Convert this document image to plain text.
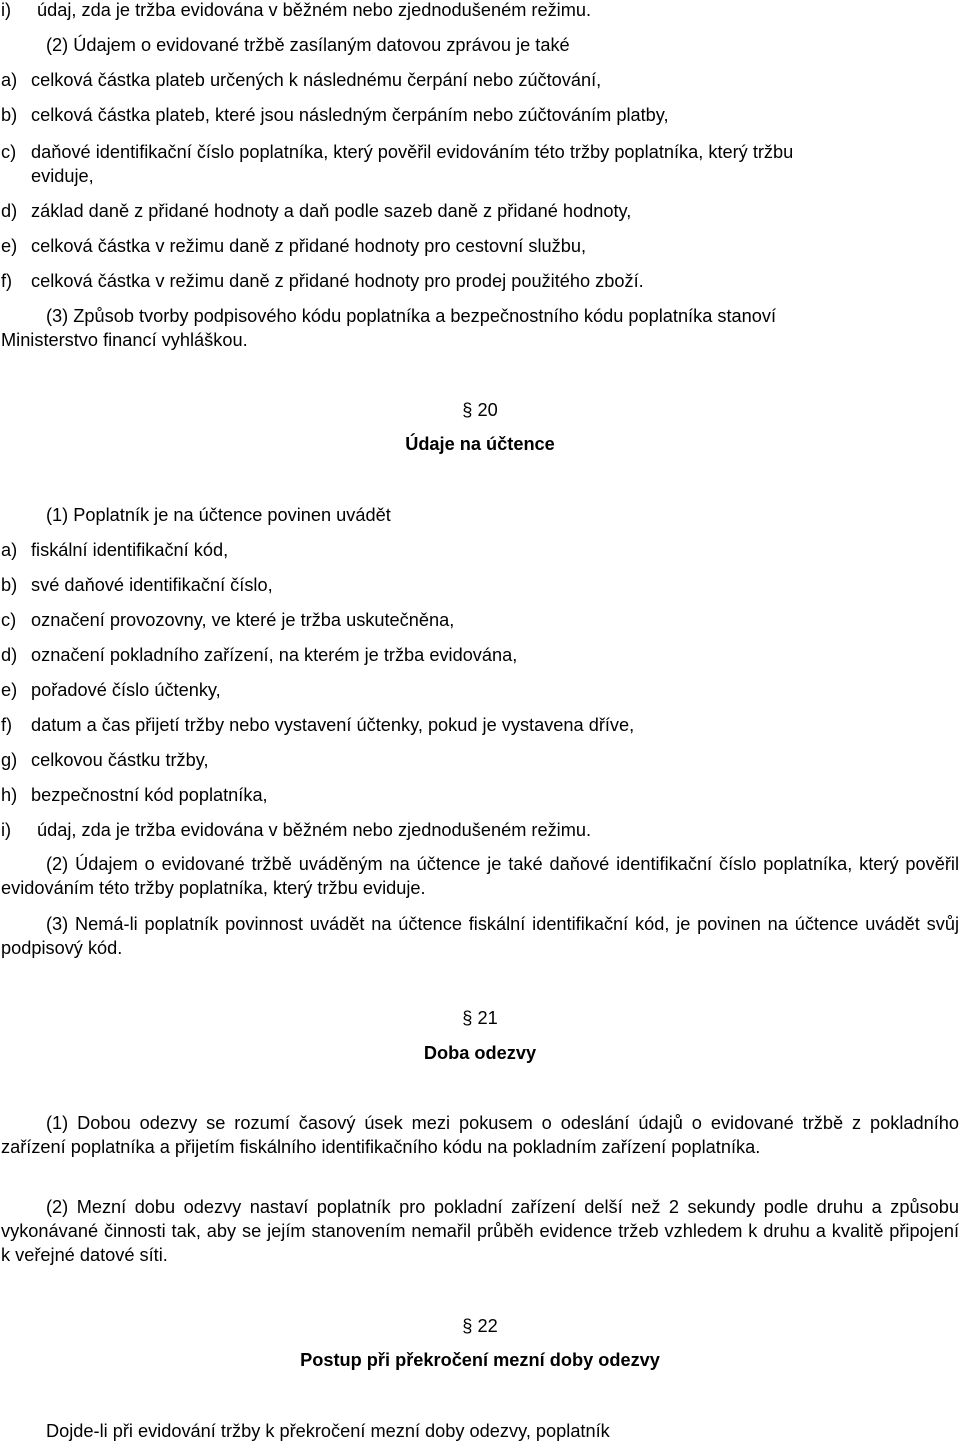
i) údaj, zda je tržba evidována v běžném nebo zjednodušeném režimu.
(2) Údajem o evidované tržbě zasílaným datovou zprávou je také
a) celková částka plateb určených k následnému čerpání nebo zúčtování,
b) celková částka plateb, které jsou následným čerpáním nebo zúčtováním platby,
c) daňové identifikační číslo poplatníka, který pověřil evidováním této tržby poplatníka, který tržbu
eviduje,
d) základ daně z přidané hodnoty a daň podle sazeb daně z přidané hodnoty,
e) celková částka v režimu daně z přidané hodnoty pro cestovní službu,
f) celková částka v režimu daně z přidané hodnoty pro prodej použitého zboží.
(3) Způsob tvorby podpisového kódu poplatníka a bezpečnostního kódu poplatníka stanoví
Ministerstvo financí vyhláškou.
§ 20
Údaje na účtence
(1) Poplatník je na účtence povinen uvádět
a) fiskální identifikační kód,
b) své daňové identifikační číslo,
c) označení provozovny, ve které je tržba uskutečněna,
d) označení pokladního zařízení, na kterém je tržba evidována,
e) pořadové číslo účtenky,
f) datum a čas přijetí tržby nebo vystavení účtenky, pokud je vystavena dříve,
g) celkovou částku tržby,
h) bezpečnostní kód poplatníka,
i) údaj, zda je tržba evidována v běžném nebo zjednodušeném režimu.
(2) Údajem o evidované tržbě uváděným na účtence je také daňové identifikační číslo poplatníka, který pověřil evidováním této tržby poplatníka, který tržbu eviduje.
(3) Nemá-li poplatník povinnost uvádět na účtence fiskální identifikační kód, je povinen na účtence uvádět svůj podpisový kód.
§ 21
Doba odezvy
(1) Dobou odezvy se rozumí časový úsek mezi pokusem o odeslání údajů o evidované tržbě z pokladního zařízení poplatníka a přijetím fiskálního identifikačního kódu na pokladním zařízení poplatníka.
(2) Mezní dobu odezvy nastaví poplatník pro pokladní zařízení delší než 2 sekundy podle druhu a způsobu vykonávané činnosti tak, aby se jejím stanovením nemařil průběh evidence tržeb vzhledem k druhu a kvalitě připojení k veřejné datové síti.
§ 22
Postup při překročení mezní doby odezvy
Dojde-li při evidování tržby k překročení mezní doby odezvy, poplatník
